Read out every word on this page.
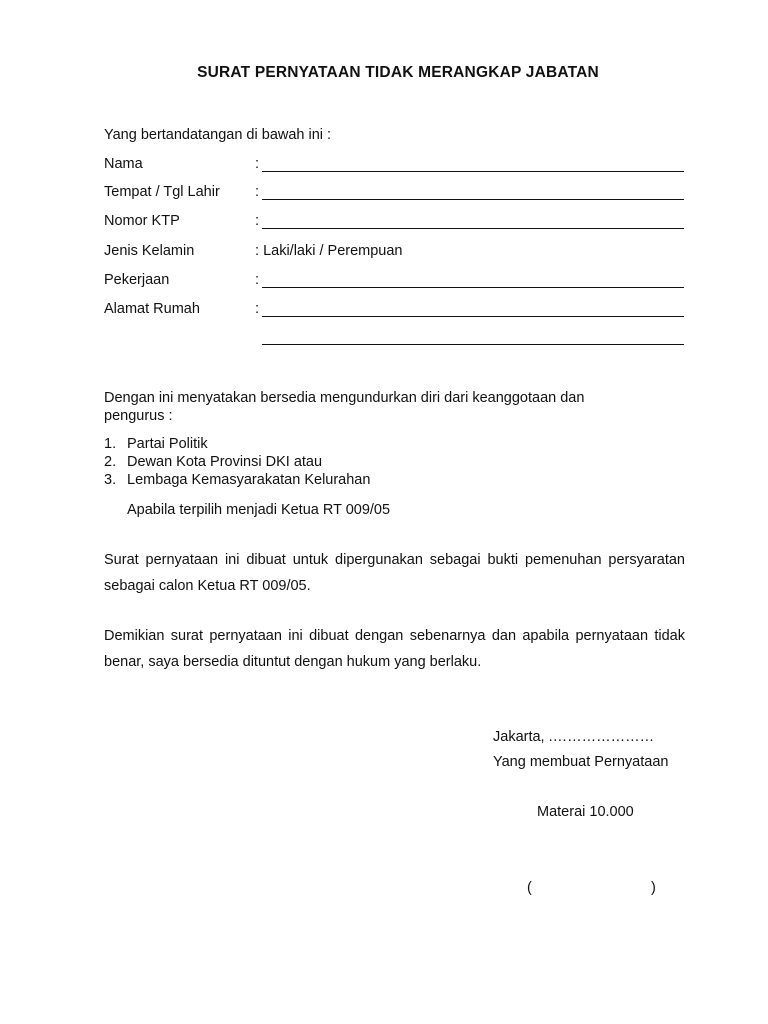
SURAT PERNYATAAN TIDAK MERANGKAP JABATAN
Yang bertandatangan di bawah ini :
Nama	:
Tempat / Tgl Lahir :
Nomor KTP	:
Jenis Kelamin	: Laki/laki / Perempuan
Pekerjaan	:
Alamat Rumah	:
Dengan ini menyatakan bersedia mengundurkan diri dari keanggotaan dan pengurus :
1. Partai Politik
2. Dewan Kota Provinsi DKI atau
3. Lembaga Kemasyarakatan Kelurahan
Apabila terpilih menjadi Ketua RT 009/05
Surat pernyataan ini dibuat untuk dipergunakan sebagai bukti pemenuhan persyaratan sebagai calon Ketua RT 009/05.
Demikian surat pernyataan ini dibuat dengan sebenarnya dan apabila pernyataan tidak benar, saya bersedia dituntut dengan hukum yang berlaku.
Jakarta, .…………………
Yang membuat Pernyataan
Materai 10.000
(	)
